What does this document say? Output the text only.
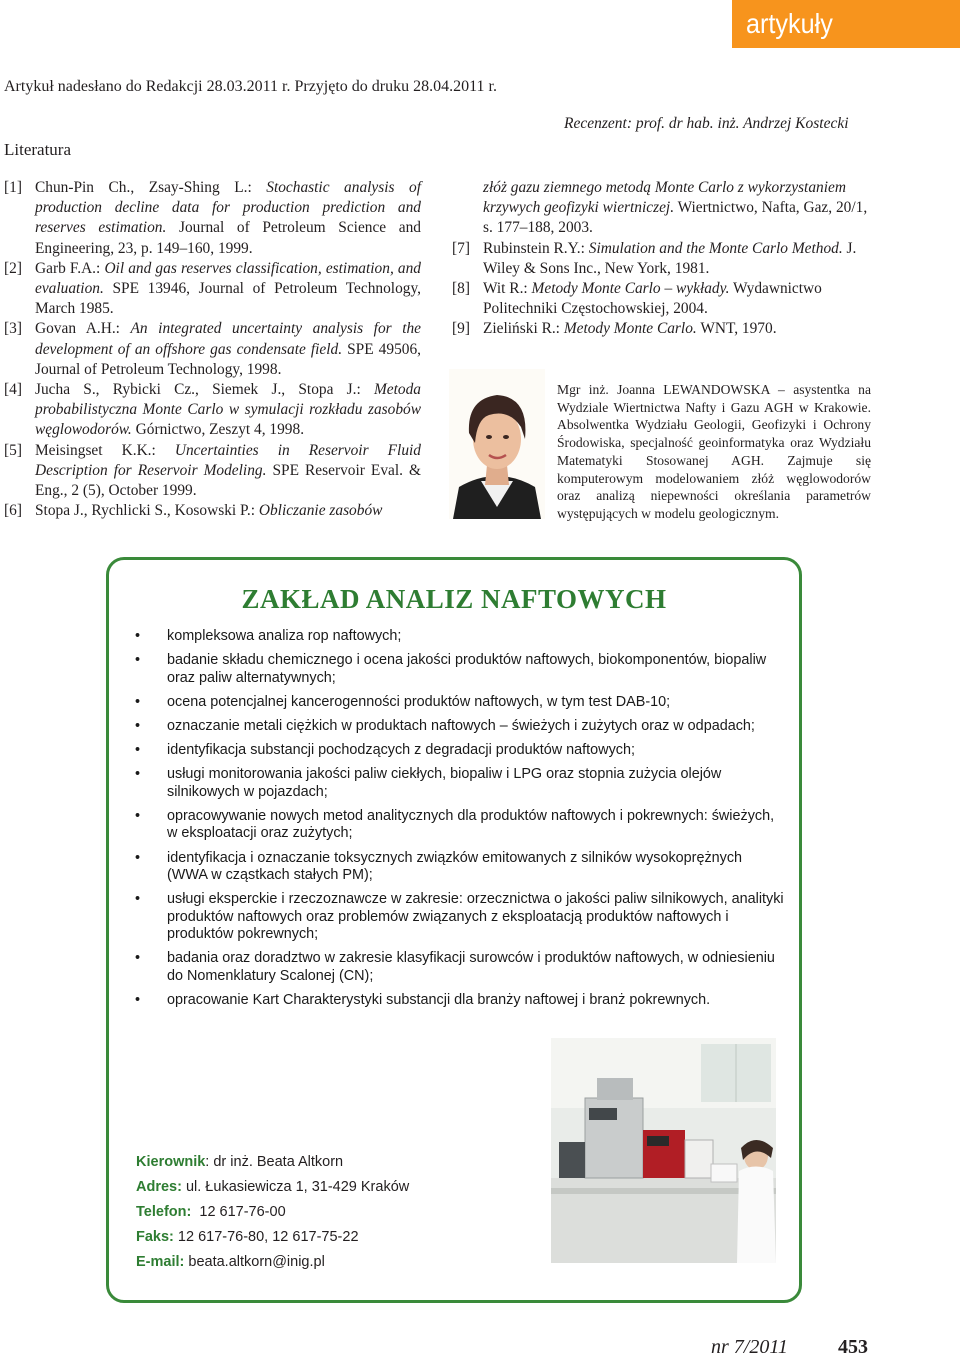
artykuły
Artykuł nadesłano do Redakcji 28.03.2011 r. Przyjęto do druku 28.04.2011 r.
Recenzent: prof. dr hab. inż. Andrzej Kostecki
Literatura
[1] Chun-Pin Ch., Zsay-Shing L.: Stochastic analysis of production decline data for production prediction and reserves estimation. Journal of Petroleum Science and Engineering, 23, p. 149–160, 1999.
[2] Garb F.A.: Oil and gas reserves classification, estimation, and evaluation. SPE 13946, Journal of Petroleum Technology, March 1985.
[3] Govan A.H.: An integrated uncertainty analysis for the development of an offshore gas condensate field. SPE 49506, Journal of Petroleum Technology, 1998.
[4] Jucha S., Rybicki Cz., Siemek J., Stopa J.: Metoda probabilistyczna Monte Carlo w symulacji rozkładu zasobów węglowodorów. Górnictwo, Zeszyt 4, 1998.
[5] Meisingset K.K.: Uncertainties in Reservoir Fluid Description for Reservoir Modeling. SPE Reservoir Eval. & Eng., 2 (5), October 1999.
[6] Stopa J., Rychlicki S., Kosowski P.: Obliczanie zasobów
złóż gazu ziemnego metodą Monte Carlo z wykorzystaniem krzywych geofizyki wiertniczej. Wiertnictwo, Nafta, Gaz, 20/1, s. 177–188, 2003.
[7] Rubinstein R.Y.: Simulation and the Monte Carlo Method. J. Wiley & Sons Inc., New York, 1981.
[8] Wit R.: Metody Monte Carlo – wykłady. Wydawnictwo Politechniki Częstochowskiej, 2004.
[9] Zieliński R.: Metody Monte Carlo. WNT, 1970.
Mgr inż. Joanna LEWANDOWSKA – asystentka na Wydziale Wiertnictwa Nafty i Gazu AGH w Krakowie. Absolwentka Wydziału Geologii, Geofizyki i Ochrony Środowiska, specjalność geoinformatyka oraz Wydziału Matematyki Stosowanej AGH. Zajmuje się komputerowym modelowaniem złóż węglowodorów oraz analizą niepewności określania parametrów występujących w modelu geologicznym.
ZAKŁAD ANALIZ NAFTOWYCH
• kompleksowa analiza rop naftowych;
• badanie składu chemicznego i ocena jakości produktów naftowych, biokomponentów, biopaliw oraz paliw alternatywnych;
• ocena potencjalnej kancerogenności produktów naftowych, w tym test DAB-10;
• oznaczanie metali ciężkich w produktach naftowych – świeżych i zużytych oraz w odpadach;
• identyfikacja substancji pochodzących z degradacji produktów naftowych;
• usługi monitorowania jakości paliw ciekłych, biopaliw i LPG oraz stopnia zużycia olejów silnikowych w pojazdach;
• opracowywanie nowych metod analitycznych dla produktów naftowych i pokrewnych: świeżych, w eksploatacji oraz zużytych;
• identyfikacja i oznaczanie toksycznych związków emitowanych z silników wysokoprężnych (WWA w cząstkach stałych PM);
• usługi eksperckie i rzeczoznawcze w zakresie: orzecznictwa o jakości paliw silnikowych, analityki produktów naftowych oraz problemów związanych z eksploatacją produktów naftowych i produktów pokrewnych;
• badania oraz doradztwo w zakresie klasyfikacji surowców i produktów naftowych, w odniesieniu do Nomenklatury Scalonej (CN);
• opracowanie Kart Charakterystyki substancji dla branży naftowej i branż pokrewnych.
Kierownik: dr inż. Beata Altkorn
Adres: ul. Łukasiewicza 1, 31-429 Kraków
Telefon: 12 617-76-00
Faks: 12 617-76-80, 12 617-75-22
E-mail: beata.altkorn@inig.pl
nr 7/2011	453
